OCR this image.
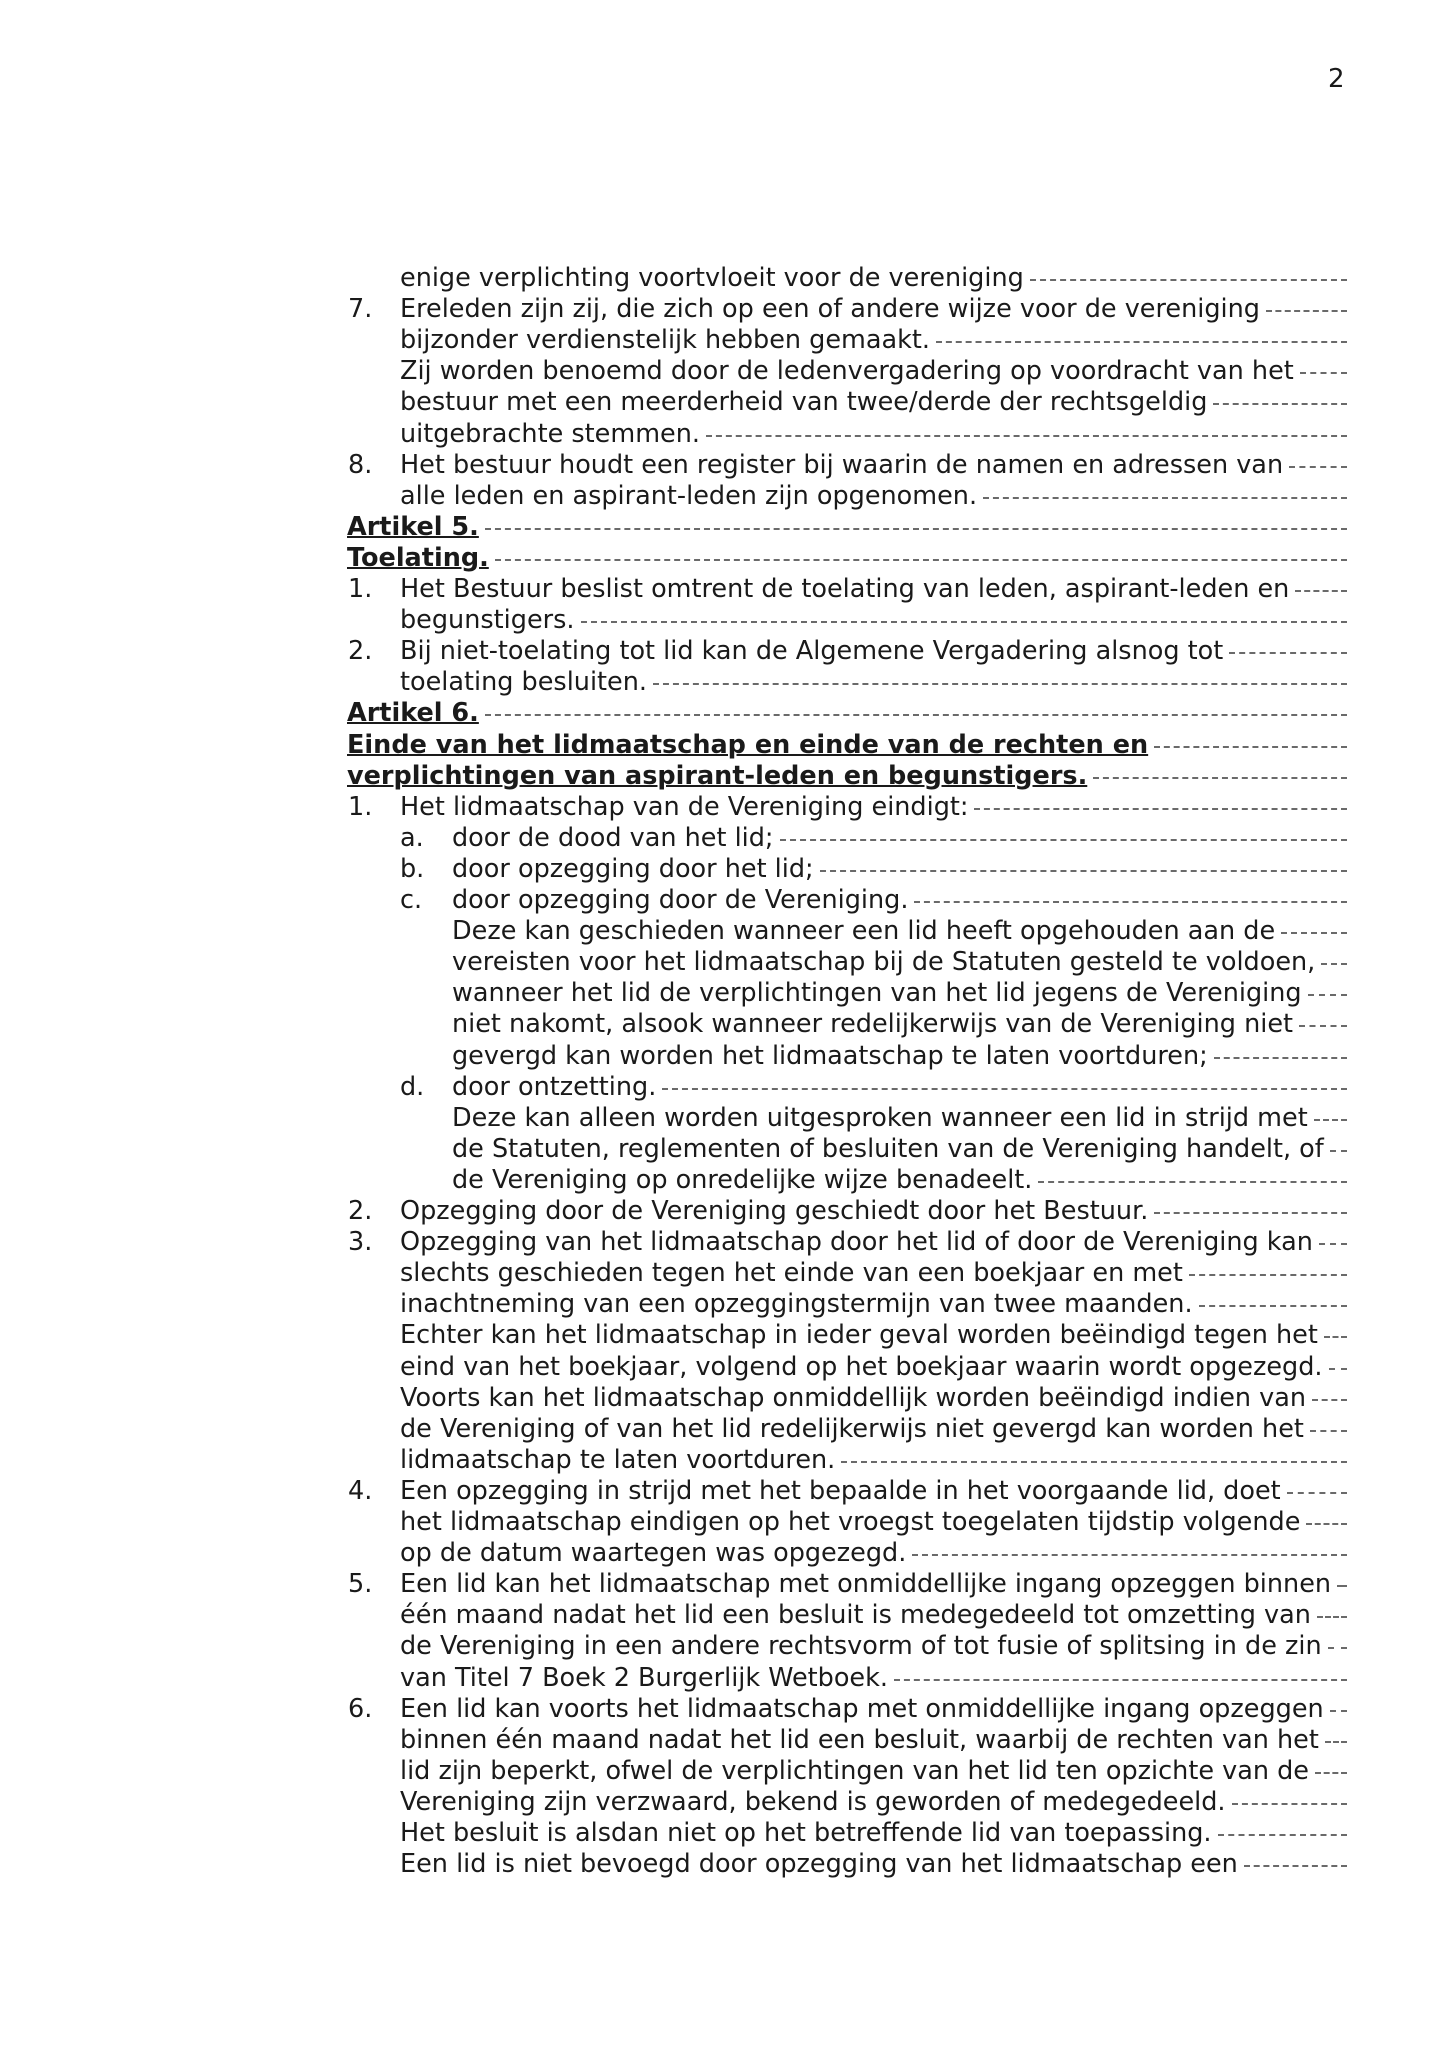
2
enige verplichting voortvloeit voor de vereniging
7. Ereleden zijn zij, die zich op een of andere wijze voor de vereniging
bijzonder verdienstelijk hebben gemaakt.
Zij worden benoemd door de ledenvergadering op voordracht van het
bestuur met een meerderheid van twee/derde der rechtsgeldig
uitgebrachte stemmen.
8. Het bestuur houdt een register bij waarin de namen en adressen van
alle leden en aspirant-leden zijn opgenomen.
Artikel 5.
Toelating.
1. Het Bestuur beslist omtrent de toelating van leden, aspirant-leden en
begunstigers.
2. Bij niet-toelating tot lid kan de Algemene Vergadering alsnog tot
toelating besluiten.
Artikel 6.
Einde van het lidmaatschap en einde van de rechten en
verplichtingen van aspirant-leden en begunstigers.
1. Het lidmaatschap van de Vereniging eindigt:
a. door de dood van het lid;
b. door opzegging door het lid;
c. door opzegging door de Vereniging.
Deze kan geschieden wanneer een lid heeft opgehouden aan de
vereisten voor het lidmaatschap bij de Statuten gesteld te voldoen,
wanneer het lid de verplichtingen van het lid jegens de Vereniging
niet nakomt, alsook wanneer redelijkerwijs van de Vereniging niet
gevergd kan worden het lidmaatschap te laten voortduren;
d. door ontzetting.
Deze kan alleen worden uitgesproken wanneer een lid in strijd met
de Statuten, reglementen of besluiten van de Vereniging handelt, of
de Vereniging op onredelijke wijze benadeelt.
2. Opzegging door de Vereniging geschiedt door het Bestuur.
3. Opzegging van het lidmaatschap door het lid of door de Vereniging kan
slechts geschieden tegen het einde van een boekjaar en met
inachtneming van een opzeggingstermijn van twee maanden.
Echter kan het lidmaatschap in ieder geval worden beëindigd tegen het
eind van het boekjaar, volgend op het boekjaar waarin wordt opgezegd.
Voorts kan het lidmaatschap onmiddellijk worden beëindigd indien van
de Vereniging of van het lid redelijkerwijs niet gevergd kan worden het
lidmaatschap te laten voortduren.
4. Een opzegging in strijd met het bepaalde in het voorgaande lid, doet
het lidmaatschap eindigen op het vroegst toegelaten tijdstip volgende
op de datum waartegen was opgezegd.
5. Een lid kan het lidmaatschap met onmiddellijke ingang opzeggen binnen
één maand nadat het lid een besluit is medegedeeld tot omzetting van
de Vereniging in een andere rechtsvorm of tot fusie of splitsing in de zin
van Titel 7 Boek 2 Burgerlijk Wetboek.
6. Een lid kan voorts het lidmaatschap met onmiddellijke ingang opzeggen
binnen één maand nadat het lid een besluit, waarbij de rechten van het
lid zijn beperkt, ofwel de verplichtingen van het lid ten opzichte van de
Vereniging zijn verzwaard, bekend is geworden of medegedeeld.
Het besluit is alsdan niet op het betreffende lid van toepassing.
Een lid is niet bevoegd door opzegging van het lidmaatschap een
